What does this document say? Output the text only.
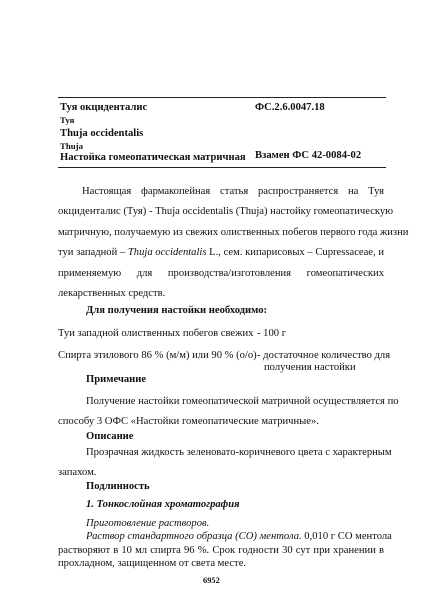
Туя окциденталис
Туя
ФС.2.6.0047.18
Thuja occidentalis
Thuja
Настойка гомеопатическая матричная Взамен ФС 42-0084-02
Настоящая фармакопейная статья распространяется на Туя
окциденталис (Туя) - Thuja occidentalis (Thuja) настойку гомеопатическую
матричную, получаемую из свежих олиственных побегов первого года жизни
туи западной – Thuja occidentalis L., сем. кипарисовых – Cupressaceae, и
применяемую для производства/изготовления гомеопатических
лекарственных средств.
Для получения настойки необходимо:
Туи западной олиственных побегов свежих - 100 г
Спирта этилового 86 % (м/м) или 90 % (о/о) - достаточное количество для
получения настойки
Примечание
Получение настойки гомеопатической матричной осуществляется по
способу 3 ОФС «Настойки гомеопатические матричные».
Описание
Прозрачная жидкость зеленовато-коричневого цвета с характерным
запахом.
Подлинность
1. Тонкослойная хроматография
Приготовление растворов.
Раствор стандартного образца (СО) ментола. 0,010 г СО ментола
растворяют в 10 мл спирта 96 %. Срок годности 30 сут при хранении в
прохладном, защищенном от света месте.
6952
